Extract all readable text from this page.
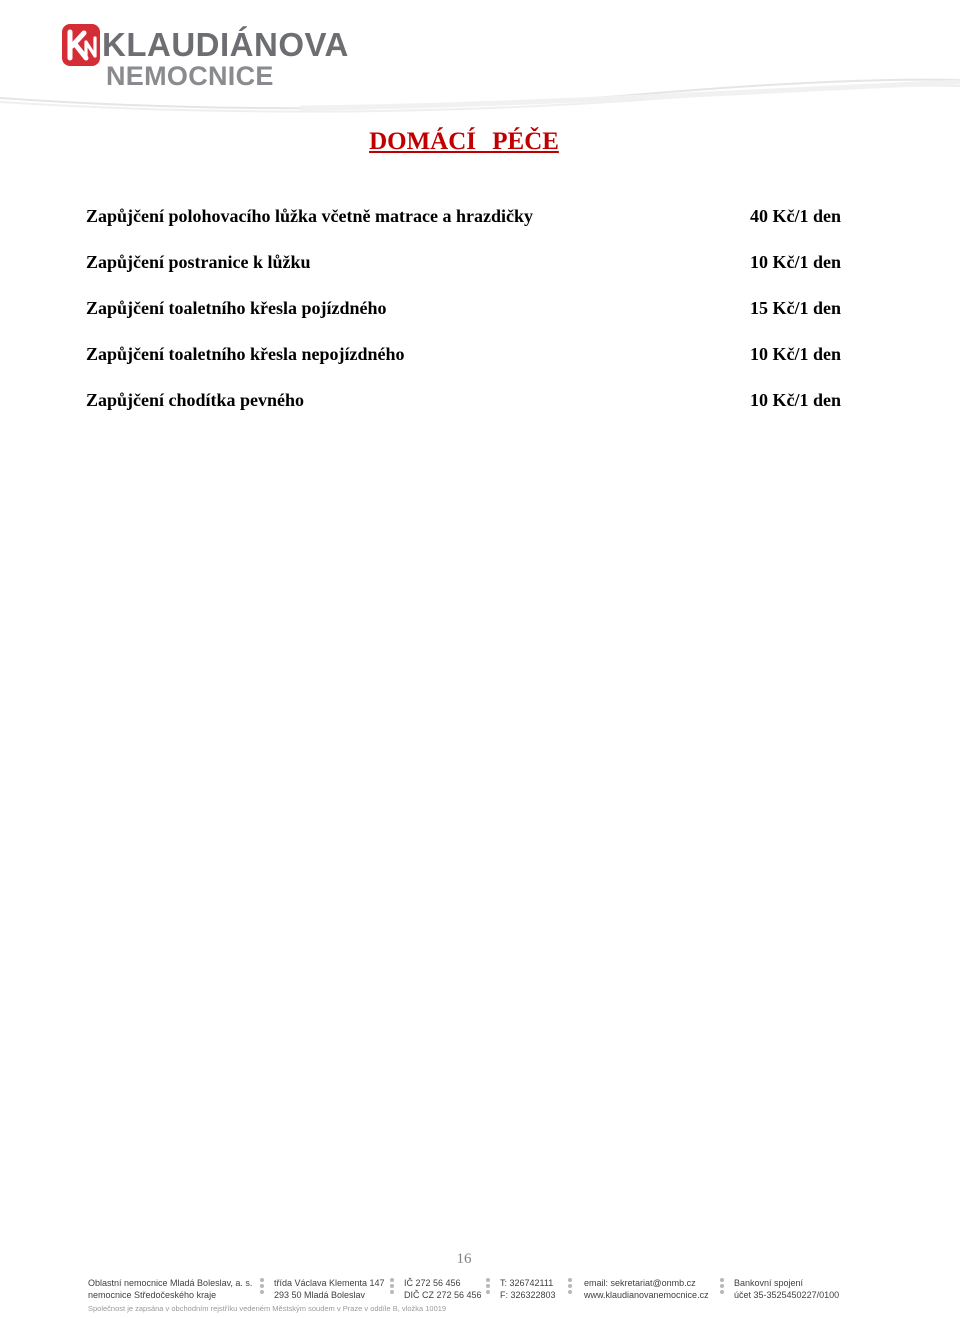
KLAUDIÁNOVA
NEMOCNICE
DOMÁCÍ PÉČE
Zapůjčení polohovacího lůžka včetně matrace a hrazdičky	40 Kč/1 den
Zapůjčení postranice k lůžku	10 Kč/1 den
Zapůjčení toaletního křesla pojízdného	15 Kč/1 den
Zapůjčení toaletního křesla nepojízdného	10 Kč/1 den
Zapůjčení chodítka pevného	10 Kč/1 den
16
Oblastní nemocnice Mladá Boleslav, a. s.
nemocnice Středočeského kraje
třída Václava Klementa 147
293 50 Mladá Boleslav
IČ 272 56 456
DIČ CZ 272 56 456
T: 326742111
F: 326322803
email: sekretariat@onmb.cz
www.klaudianovanemocnice.cz
Bankovní spojení
účet 35-3525450227/0100
Společnost je zapsána v obchodním rejstříku vedeném Městským soudem v Praze v oddíle B, vložka 10019
